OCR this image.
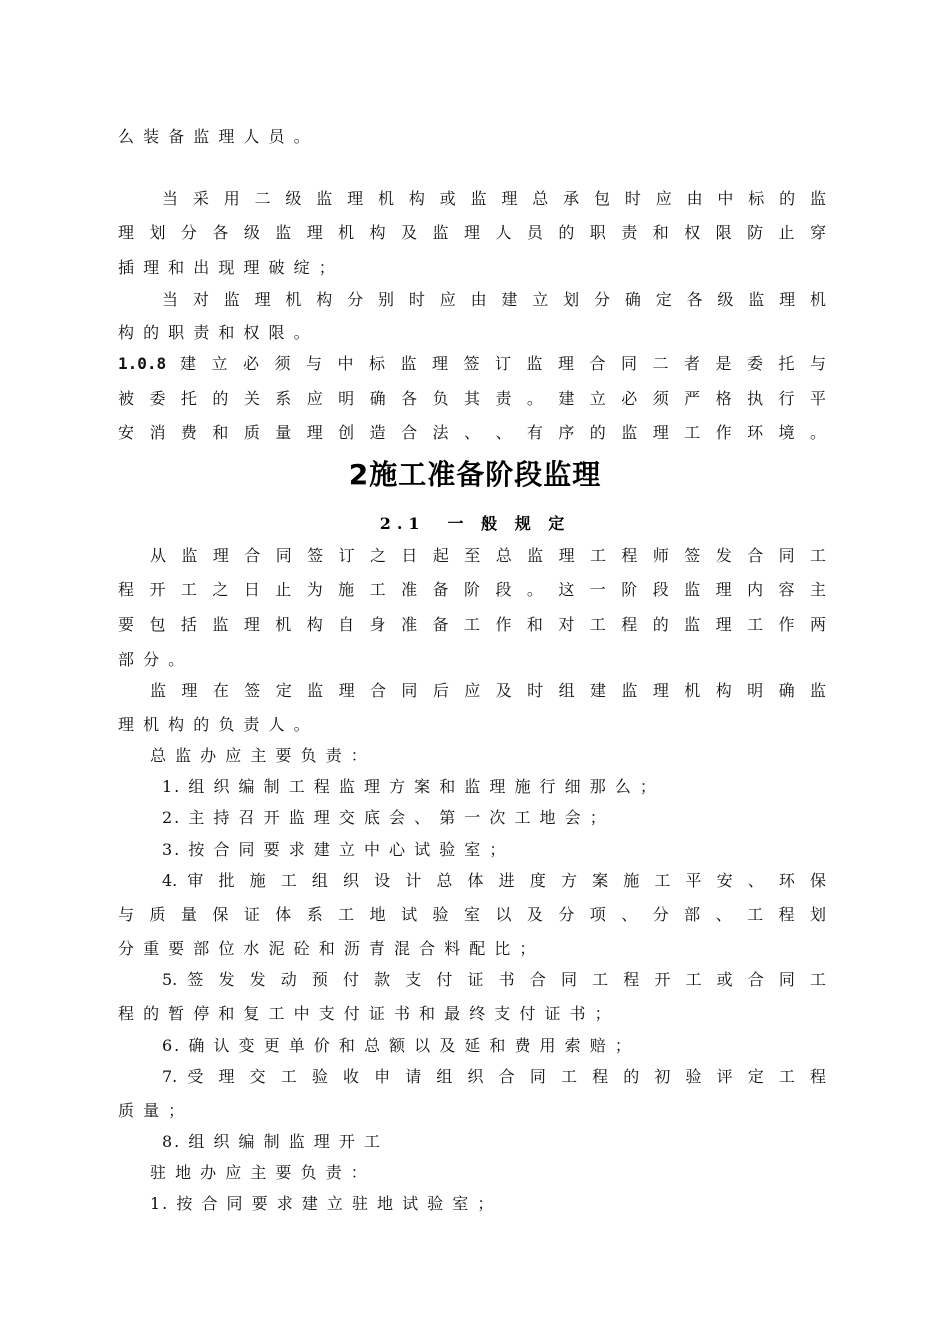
么 装 备 监 理 人 员 。
当 采 用 二 级 监 理 机 构 或 监 理 总 承 包 时 应 由 中 标 的 监
理 划 分 各 级 监 理 机 构 及 监 理 人 员 的 职 责 和 权 限 防 止 穿
插 理 和 出 现 理 破 绽 ；
当 对 监 理 机 构 分 别 时 应 由 建 立 划 分 确 定 各 级 监 理 机
构 的 职 责 和 权 限 。
1.0.8 建 立 必 须 与 中 标 监 理 签 订 监 理 合 同 二 者 是 委 托 与
被 委 托 的 关 系 应 明 确 各 负 其 责 。 建 立 必 须 严 格 执 行 平
安 消 费 和 质 量 理 创 造 合 法 、 、 有 序 的 监 理 工 作 环 境 。
2施工准备阶段监理
2.1　一 般 规 定
从 监 理 合 同 签 订 之 日 起 至 总 监 理 工 程 师 签 发 合 同 工
程 开 工 之 日 止 为 施 工 准 备 阶 段 。 这 一 阶 段 监 理 内 容 主
要 包 括 监 理 机 构 自 身 准 备 工 作 和 对 工 程 的 监 理 工 作 两
部 分 。
监 理 在 签 定 监 理 合 同 后 应 及 时 组 建 监 理 机 构 明 确 监
理 机 构 的 负 责 人 。
总 监 办 应 主 要 负 责 ：
1. 组 织 编 制 工 程 监 理 方 案 和 监 理 施 行 细 那 么 ；
2. 主 持 召 开 监 理 交 底 会 、 第 一 次 工 地 会 ；
3. 按 合 同 要 求 建 立 中 心 试 验 室 ；
4. 审 批 施 工 组 织 设 计 总 体 进 度 方 案 施 工 平 安 、 环 保
与 质 量 保 证 体 系 工 地 试 验 室 以 及 分 项 、 分 部 、 工 程 划
分 重 要 部 位 水 泥 砼 和 沥 青 混 合 料 配 比 ；
5. 签 发 发 动 预 付 款 支 付 证 书 合 同 工 程 开 工 或 合 同 工
程 的 暂 停 和 复 工 中 支 付 证 书 和 最 终 支 付 证 书 ；
6. 确 认 变 更 单 价 和 总 额 以 及 延 和 费 用 索 赔 ；
7. 受 理 交 工 验 收 申 请 组 织 合 同 工 程 的 初 验 评 定 工 程
质 量 ；
8. 组 织 编 制 监 理 开 工
驻 地 办 应 主 要 负 责 ：
1. 按 合 同 要 求 建 立 驻 地 试 验 室 ；
